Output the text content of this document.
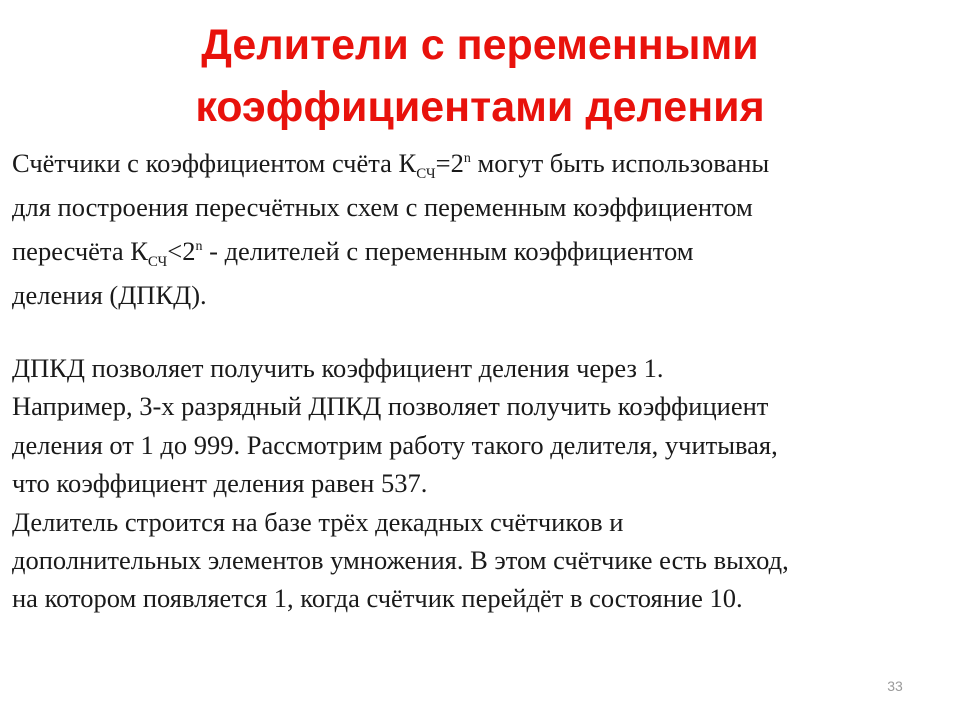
Делители с переменными
коэффициентами деления
Счётчики с коэффициентом счёта $К_{СЧ}=2^n$ могут быть использованы
для построения пересчётных схем с переменным коэффициентом
пересчёта $К_{СЧ}<2^n$ - делителей с переменным коэффициентом
деления (ДПКД).
ДПКД позволяет получить коэффициент деления через 1.
Например, 3-х разрядный ДПКД позволяет получить коэффициент
деления от 1 до 999. Рассмотрим работу такого делителя, учитывая,
что коэффициент деления равен 537.
Делитель строится на базе трёх декадных счётчиков и
дополнительных элементов умножения. В этом счётчике есть выход,
на котором появляется 1, когда счётчик перейдёт в состояние 10.
33
